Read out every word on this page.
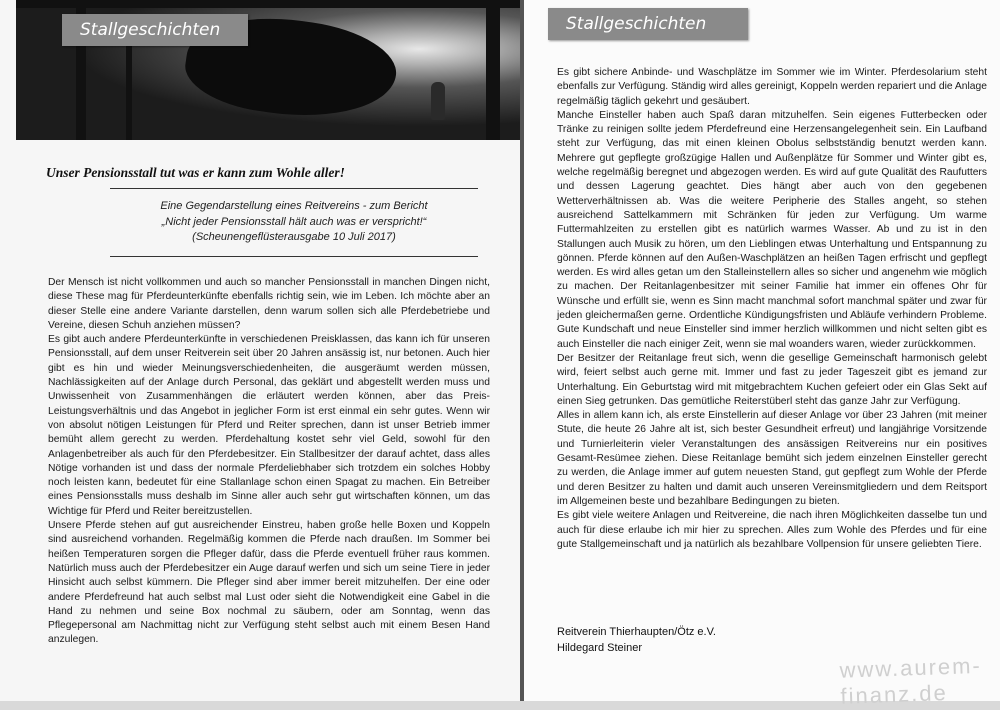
Stallgeschichten
Unser Pensionsstall tut was er kann zum Wohle aller!
Eine Gegendarstellung eines Reitvereins - zum Bericht
„Nicht jeder Pensionsstall hält auch was er verspricht!“
(Scheunengeflüsterausgabe 10 Juli 2017)

Der Mensch ist nicht vollkommen und auch so mancher Pensionsstall in manchen Dingen nicht, diese These mag für Pferdeunterkünfte ebenfalls richtig sein, wie im Leben. Ich möchte aber an dieser Stelle eine andere Variante darstellen, denn warum sollen sich alle Pferdebetriebe und Vereine, diesen Schuh anziehen müssen?

Es gibt auch andere Pferdeunterkünfte in verschiedenen Preisklassen, das kann ich für unseren Pensionsstall, auf dem unser Reitverein seit über 20 Jahren ansässig ist, nur betonen. Auch hier gibt es hin und wieder Meinungsverschiedenheiten, die ausgeräumt werden müssen, Nachlässigkeiten auf der Anlage durch Personal, das geklärt und abgestellt werden muss und Unwissenheit von Zusammenhängen die erläutert werden können, aber das Preis- Leistungsverhältnis und das Angebot in jeglicher Form ist erst einmal ein sehr gutes. Wenn wir von absolut nötigen Leistungen für Pferd und Reiter sprechen, dann ist unser Betrieb immer bemüht allem gerecht zu werden. Pferdehaltung kostet sehr viel Geld, sowohl für den Anlagenbetreiber als auch für den Pferdebesitzer. Ein Stallbesitzer der darauf achtet, dass alles Nötige vorhanden ist und dass der normale Pferdeliebhaber sich trotzdem ein solches Hobby noch leisten kann, bedeutet für eine Stallanlage schon einen Spagat zu machen. Ein Betreiber eines Pensionsstalls muss deshalb im Sinne aller auch sehr gut wirtschaften können, um das Wichtige für Pferd und Reiter bereitzustellen.

Unsere Pferde stehen auf gut ausreichender Einstreu, haben große helle Boxen und Koppeln sind ausreichend vorhanden. Regelmäßig kommen die Pferde nach draußen. Im Sommer bei heißen Temperaturen sorgen die Pfleger dafür, dass die Pferde eventuell früher raus kommen. Natürlich muss auch der Pferdebesitzer ein Auge darauf werfen und sich um seine Tiere in jeder Hinsicht auch selbst kümmern. Die Pfleger sind aber immer bereit mitzuhelfen. Der eine oder andere Pferdefreund hat auch selbst mal Lust oder sieht die Notwendigkeit eine Gabel in die Hand zu nehmen und seine Box nochmal zu säubern, oder am Sonntag, wenn das Pflegepersonal am Nachmittag nicht zur Verfügung steht selbst auch mit einem Besen Hand anzulegen.

Stallgeschichten

Es gibt sichere Anbinde- und Waschplätze im Sommer wie im Winter. Pferdesolarium steht ebenfalls zur Verfügung. Ständig wird alles gereinigt, Koppeln werden repariert und die Anlage regelmäßig täglich gekehrt und gesäubert.

Manche Einsteller haben auch Spaß daran mitzuhelfen. Sein eigenes Futterbecken oder Tränke zu reinigen sollte jedem Pferdefreund eine Herzensangelegenheit sein. Ein Laufband steht zur Verfügung, das mit einen kleinen Obolus selbstständig benutzt werden kann. Mehrere gut gepflegte großzügige Hallen und Außenplätze für Sommer und Winter gibt es, welche regelmäßig beregnet und abgezogen werden. Es wird auf gute Qualität des Raufutters und dessen Lagerung geachtet. Dies hängt aber auch von den gegebenen Wetterverhältnissen ab. Was die weitere Peripherie des Stalles angeht, so stehen ausreichend Sattelkammern mit Schränken für jeden zur Verfügung. Um warme Futtermahlzeiten zu erstellen gibt es natürlich warmes Wasser. Ab und zu ist in den Stallungen auch Musik zu hören, um den Lieblingen etwas Unterhaltung und Entspannung zu gönnen. Pferde können auf den Außen-Waschplätzen an heißen Tagen erfrischt und gepflegt werden. Es wird alles getan um den Stalleinstellern alles so sicher und angenehm wie möglich zu machen. Der Reitanlagenbesitzer mit seiner Familie hat immer ein offenes Ohr für Wünsche und erfüllt sie, wenn es Sinn macht manchmal sofort manchmal später und zwar für jeden gleichermaßen gerne. Ordentliche Kündigungsfristen und Abläufe verhindern Probleme. Gute Kundschaft und neue Einsteller sind immer herzlich willkommen und nicht selten gibt es auch Einsteller die nach einiger Zeit, wenn sie mal woanders waren, wieder zurückkommen.

Der Besitzer der Reitanlage freut sich, wenn die gesellige Gemeinschaft harmonisch gelebt wird, feiert selbst auch gerne mit. Immer und fast zu jeder Tageszeit gibt es jemand zur Unterhaltung. Ein Geburtstag wird mit mitgebrachtem Kuchen gefeiert oder ein Glas Sekt auf einen Sieg getrunken. Das gemütliche Reiterstüberl steht das ganze Jahr zur Verfügung.

Alles in allem kann ich, als erste Einstellerin auf dieser Anlage vor über 23 Jahren (mit meiner Stute, die heute 26 Jahre alt ist, sich bester Gesundheit erfreut) und langjährige Vorsitzende und Turnierleiterin vieler Veranstaltungen des ansässigen Reitvereins nur ein positives Gesamt-Resümee ziehen. Diese Reitanlage bemüht sich jedem einzelnen Einsteller gerecht zu werden, die Anlage immer auf gutem neuesten Stand, gut gepflegt zum Wohle der Pferde und deren Besitzer zu halten und damit auch unseren Vereinsmitgliedern und dem Reitsport im Allgemeinen beste und bezahlbare Bedingungen zu bieten.

Es gibt viele weitere Anlagen und Reitvereine, die nach ihren Möglichkeiten dasselbe tun und auch für diese erlaube ich mir hier zu sprechen. Alles zum Wohle des Pferdes und für eine gute Stallgemeinschaft und ja natürlich als bezahlbare Vollpension für unsere geliebten Tiere.

www.aurem-finanz.de
Reitverein Thierhaupten/Ötz e.V.
Hildegard Steiner
